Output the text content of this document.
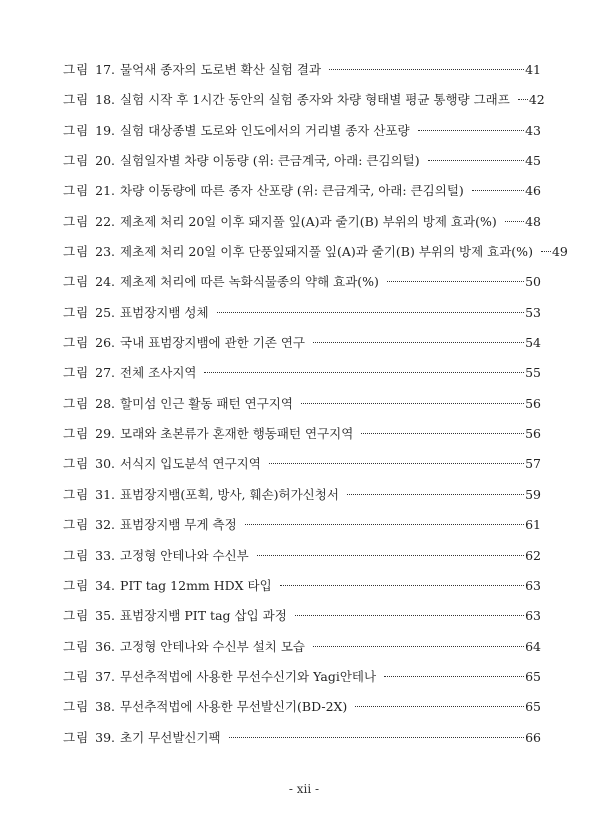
그림 17. 물억새 종자의 도로변 확산 실험 결과	41
그림 18. 실험 시작 후 1시간 동안의 실험 종자와 차량 형태별 평균 통행량 그래프 42
그림 19. 실험 대상종별 도로와 인도에서의 거리별 종자 산포량	43
그림 20. 실험일자별 차량 이동량 (위: 큰금계국, 아래: 큰김의털)	45
그림 21. 차량 이동량에 따른 종자 산포량 (위: 큰금계국, 아래: 큰김의털)	46
그림 22. 제초제 처리 20일 이후 돼지풀 잎(A)과 줄기(B) 부위의 방제 효과(%) 48
그림 23. 제초제 처리 20일 이후 단풍잎돼지풀 잎(A)과 줄기(B) 부위의 방제 효과(%) 49
그림 24. 제초제 처리에 따른 녹화식물종의 약해 효과(%)	50
그림 25. 표범장지뱀 성체	53
그림 26. 국내 표범장지뱀에 관한 기존 연구	54
그림 27. 전체 조사지역	55
그림 28. 할미섬 인근 활동 패턴 연구지역	56
그림 29. 모래와 초본류가 혼재한 행동패턴 연구지역	56
그림 30. 서식지 입도분석 연구지역	57
그림 31. 표범장지뱀(포획, 방사, 훼손)허가신청서	59
그림 32. 표범장지뱀 무게 측정	61
그림 33. 고정형 안테나와 수신부	62
그림 34. PIT tag 12mm HDX 타입	63
그림 35. 표범장지뱀 PIT tag 삽입 과정	63
그림 36. 고정형 안테나와 수신부 설치 모습	64
그림 37. 무선추적법에 사용한 무선수신기와 Yagi안테나	65
그림 38. 무선추적법에 사용한 무선발신기(BD-2X)	65
그림 39. 초기 무선발신기팩	66
- xii -
